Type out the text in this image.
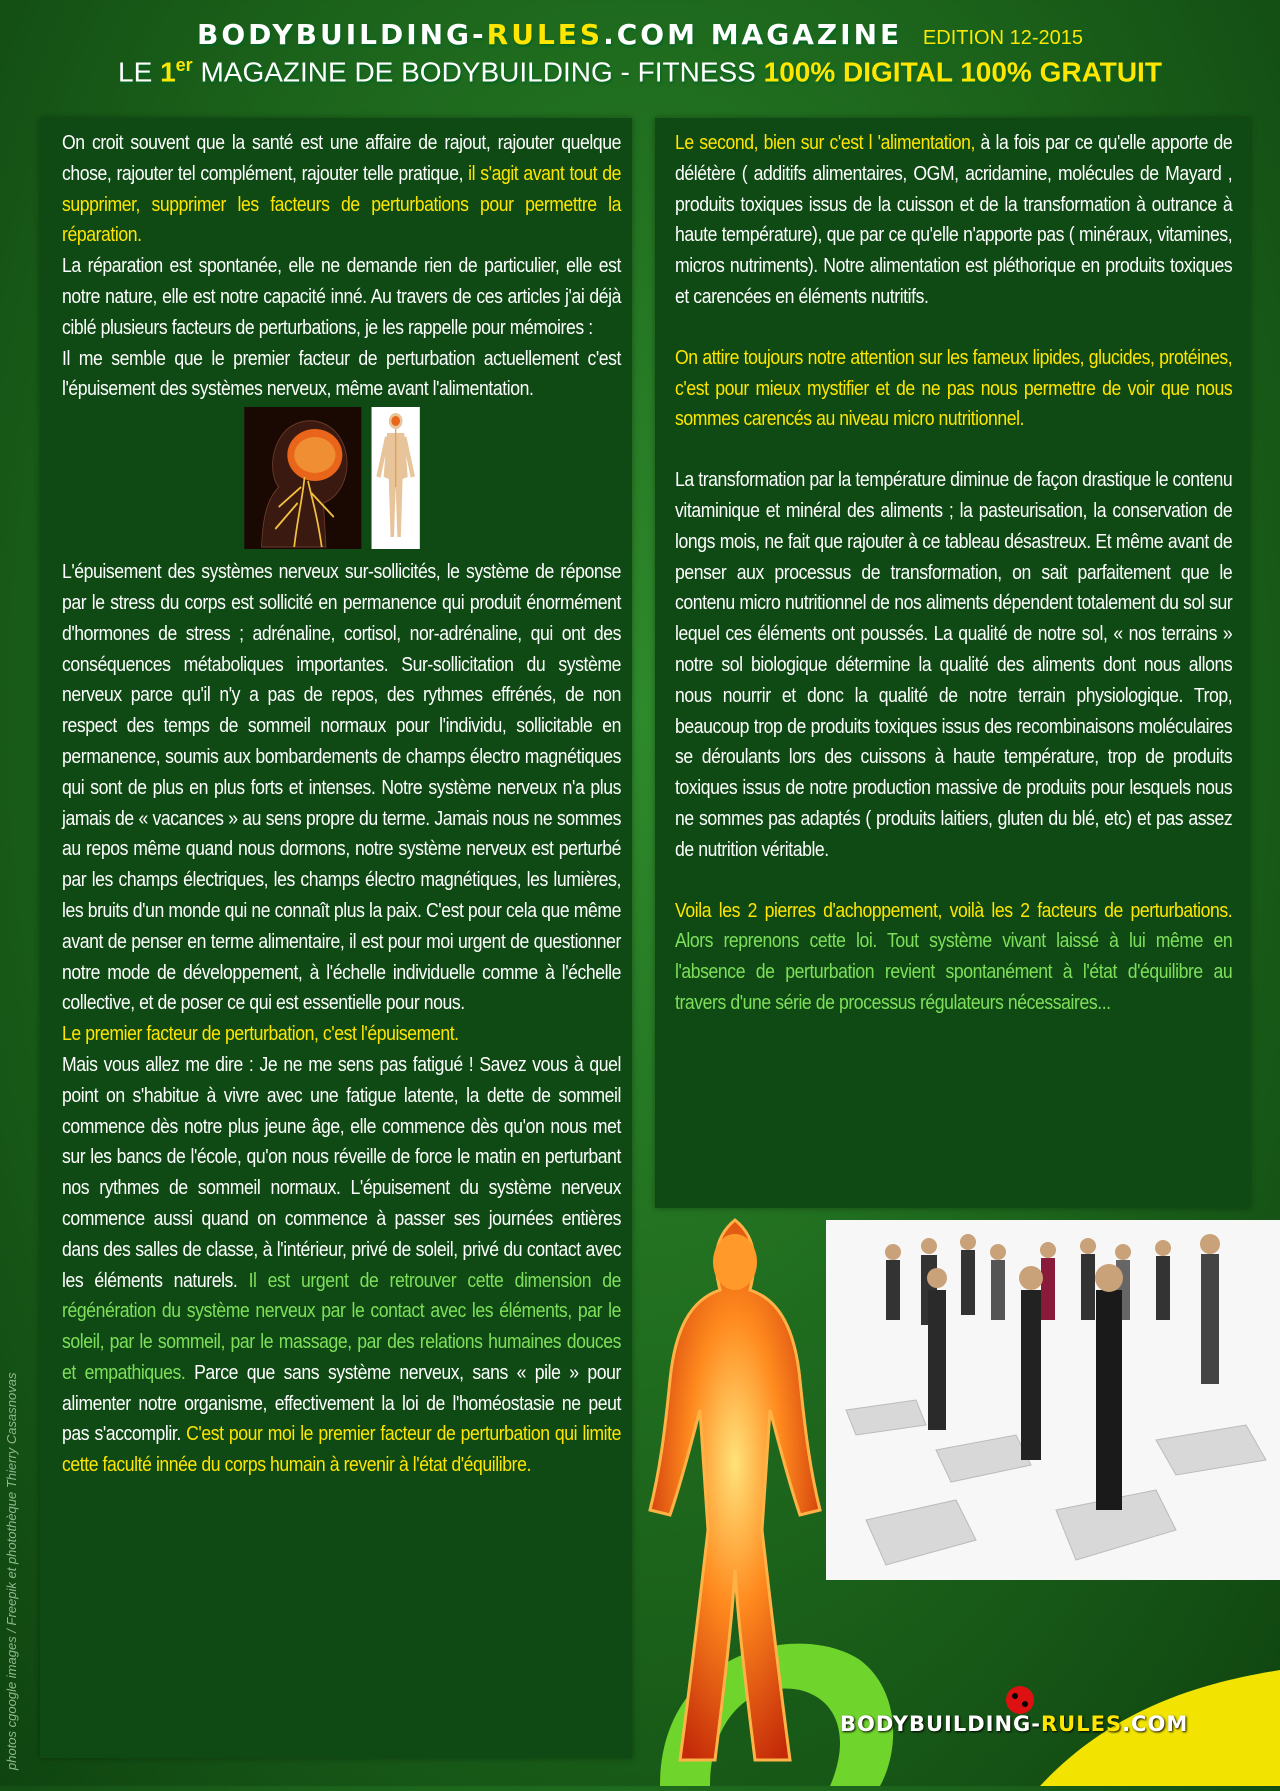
BODYBUILDING-RULES.COM MAGAZINE EDITION 12-2015
LE 1er MAGAZINE DE BODYBUILDING - FITNESS 100% DIGITAL 100% GRATUIT

On croit souvent que la santé est une affaire de rajout, rajouter quelque chose, rajouter tel complément, rajouter telle pratique, il s'agit avant tout de supprimer, supprimer les facteurs de perturbations pour permettre la réparation.

La réparation est spontanée, elle ne demande rien de particulier, elle est notre nature, elle est notre capacité inné. Au travers de ces articles j'ai déjà ciblé plusieurs facteurs de perturbations, je les rappelle pour mémoires :

Il me semble que le premier facteur de perturbation actuellement c'est l'épuisement des systèmes nerveux, même avant l'alimentation.

L'épuisement des systèmes nerveux sur-sollicités, le système de réponse par le stress du corps est sollicité en permanence qui produit énormément d'hormones de stress ; adrénaline, cortisol, nor-adrénaline, qui ont des conséquences métaboliques importantes. Sur-sollicitation du système nerveux parce qu'il n'y a pas de repos, des rythmes effrénés, de non respect des temps de sommeil normaux pour l'individu, sollicitable en permanence, soumis aux bombardements de champs électro magnétiques qui sont de plus en plus forts et intenses. Notre système nerveux n'a plus jamais de « vacances » au sens propre du terme. Jamais nous ne sommes au repos même quand nous dormons, notre système nerveux est perturbé par les champs électriques, les champs électro magnétiques, les lumières, les bruits d'un monde qui ne connaît plus la paix. C'est pour cela que même avant de penser en terme alimentaire, il est pour moi urgent de questionner notre mode de développement, à l'échelle individuelle comme à l'échelle collective, et de poser ce qui est essentielle pour nous.

Le premier facteur de perturbation, c'est l'épuisement.

Mais vous allez me dire : Je ne me sens pas fatigué ! Savez vous à quel point on s'habitue à vivre avec une fatigue latente, la dette de sommeil commence dès notre plus jeune âge, elle commence dès qu'on nous met sur les bancs de l'école, qu'on nous réveille de force le matin en perturbant nos rythmes de sommeil normaux. L'épuisement du système nerveux commence aussi quand on commence à passer ses journées entières dans des salles de classe, à l'intérieur, privé de soleil, privé du contact avec les éléments naturels. Il est urgent de retrouver cette dimension de régénération du système nerveux par le contact avec les éléments, par le soleil, par le sommeil, par le massage, par des relations humaines douces et empathiques. Parce que sans système nerveux, sans « pile » pour alimenter notre organisme, effectivement la loi de l'homéostasie ne peut pas s'accomplir. C'est pour moi le premier facteur de perturbation qui limite cette faculté innée du corps humain à revenir à l'état d'équilibre.

Le second, bien sur c'est l 'alimentation, à la fois par ce qu'elle apporte de délétère ( additifs alimentaires, OGM, acridamine, molécules de Mayard , produits toxiques issus de la cuisson et de la transformation à outrance à haute température), que par ce qu'elle n'apporte pas ( minéraux, vitamines, micros nutriments). Notre alimentation est pléthorique en produits toxiques et carencées en éléments nutritifs.

On attire toujours notre attention sur les fameux lipides, glucides, protéines, c'est pour mieux mystifier et de ne pas nous permettre de voir que nous sommes carencés au niveau micro nutritionnel.

La transformation par la température diminue de façon drastique le contenu vitaminique et minéral des aliments ; la pasteurisation, la conservation de longs mois, ne fait que rajouter à ce tableau désastreux. Et même avant de penser aux processus de transformation, on sait parfaitement que le contenu micro nutritionnel de nos aliments dépendent totalement du sol sur lequel ces éléments ont poussés. La qualité de notre sol, « nos terrains » notre sol biologique détermine la qualité des aliments dont nous allons nous nourrir et donc la qualité de notre terrain physiologique. Trop, beaucoup trop de produits toxiques issus des recombinaisons moléculaires se déroulants lors des cuissons à haute température, trop de produits toxiques issus de notre production massive de produits pour lesquels nous ne sommes pas adaptés ( produits laitiers, gluten du blé, etc) et pas assez de nutrition véritable.

Voila les 2 pierres d'achoppement, voilà les 2 facteurs de perturbations. Alors reprenons cette loi. Tout système vivant laissé à lui même en l'absence de perturbation revient spontanément à l'état d'équilibre au travers d'une série de processus régulateurs nécessaires...

photos cgoogle images / Freepik et photothèque Thierry Casasnovas	BODYBUILDING-RULES.COM
